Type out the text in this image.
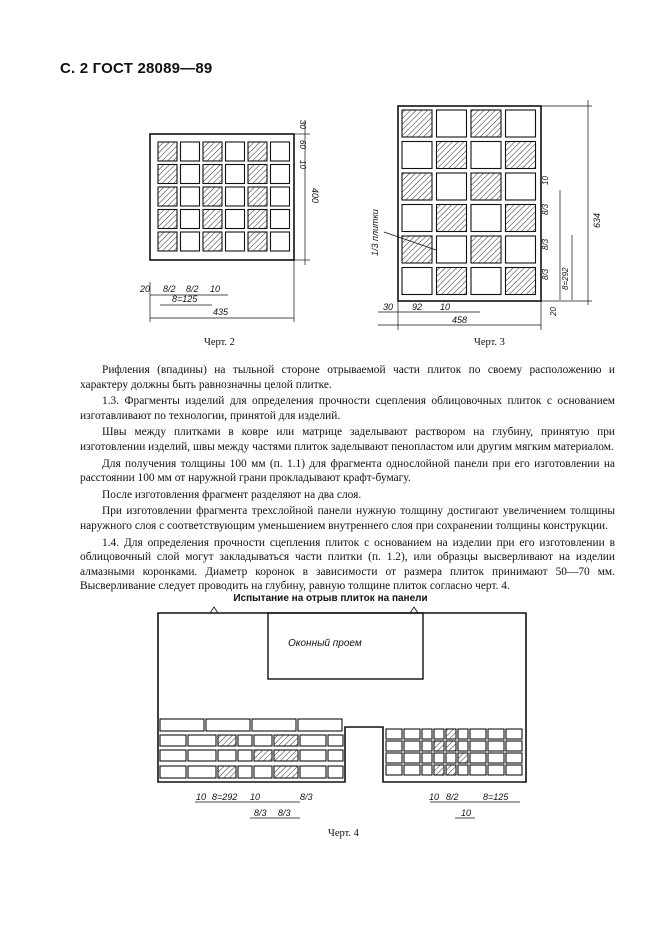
С. 2 ГОСТ 28089—89
30
60
10
400
20 8/2 8/2 10
8=125
435
1/3 плитки
10
8/3
8/3
8/3 8=292
634
20
30 92 10
458
Оконный проем
10 8=292 10	8/3
8/3 8/3
10 8/2	8=125
10
Черт. 2	Черт. 3

Рифления (впадины) на тыльной стороне отрываемой части плиток по своему расположению и характеру должны быть равнозначны целой плитке.

1.3. Фрагменты изделий для определения прочности сцепления облицовочных плиток с основанием изготавливают по технологии, принятой для изделий.

Швы между плитками в ковре или матрице заделывают раствором на глубину, принятую при изготовлении изделий, швы между частями плиток заделывают пенопластом или другим мягким материалом.

Для получения толщины 100 мм (п. 1.1) для фрагмента однослойной панели при его изготовлении на расстоянии 100 мм от наружной грани прокладывают крафт-бумагу.

После изготовления фрагмент разделяют на два слоя.

При изготовлении фрагмента трехслойной панели нужную толщину достигают увеличением толщины наружного слоя с соответствующим уменьшением внутреннего слоя при сохранении толщины конструкции.

1.4. Для определения прочности сцепления плиток с основанием на изделии при его изготовлении в облицовочный слой могут закладываться части плитки (п. 1.2), или образцы высверливают на изделии алмазными коронками. Диаметр коронок в зависимости от размера плиток принимают 50—70 мм. Высверливание следует проводить на глубину, равную толщине плиток согласно черт. 4.

Испытание на отрыв плиток на панели
Черт. 4
